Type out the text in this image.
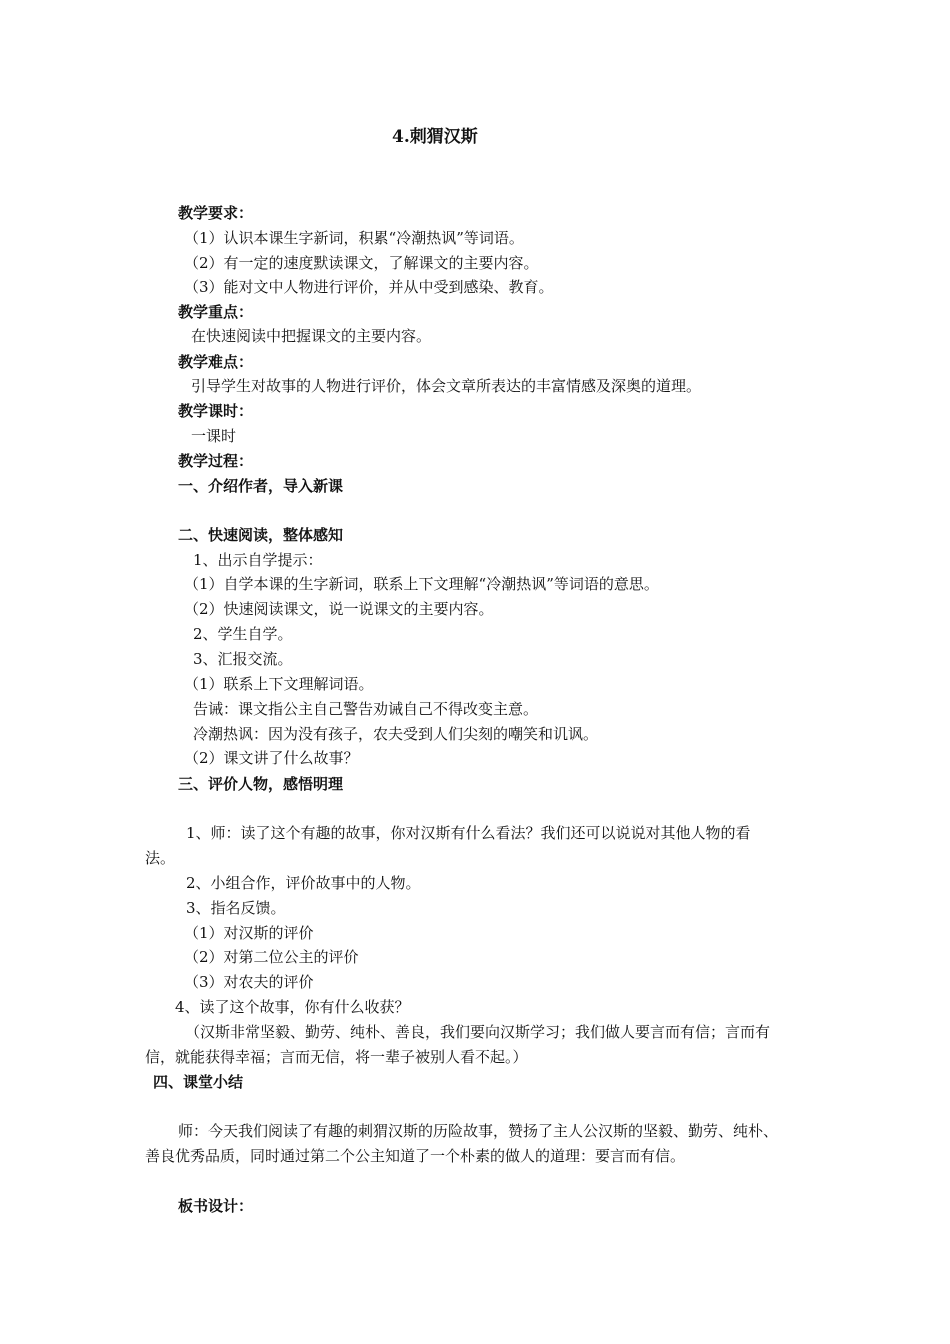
4.刺猬汉斯
教学要求：
（1）认识本课生字新词，积累“冷潮热讽”等词语。
（2）有一定的速度默读课文，了解课文的主要内容。
（3）能对文中人物进行评价，并从中受到感染、教育。
教学重点：
在快速阅读中把握课文的主要内容。
教学难点：
引导学生对故事的人物进行评价，体会文章所表达的丰富情感及深奥的道理。
教学课时：
一课时
教学过程：
一、介绍作者，导入新课
二、快速阅读，整体感知
1、出示自学提示：
（1）自学本课的生字新词，联系上下文理解“冷潮热讽”等词语的意思。
（2）快速阅读课文，说一说课文的主要内容。
2、学生自学。
3、汇报交流。
（1）联系上下文理解词语。
告诫：课文指公主自己警告劝诫自己不得改变主意。
冷潮热讽：因为没有孩子，农夫受到人们尖刻的嘲笑和讥讽。
（2）课文讲了什么故事？
三、评价人物，感悟明理
1、师：读了这个有趣的故事，你对汉斯有什么看法？我们还可以说说对其他人物的看
法。
2、小组合作，评价故事中的人物。
3、指名反馈。
（1）对汉斯的评价
（2）对第二位公主的评价
（3）对农夫的评价
4、读了这个故事，你有什么收获？
（汉斯非常坚毅、勤劳、纯朴、善良，我们要向汉斯学习；我们做人要言而有信；言而有
信，就能获得幸福；言而无信，将一辈子被别人看不起。）
四、课堂小结
师：今天我们阅读了有趣的刺猬汉斯的历险故事，赞扬了主人公汉斯的坚毅、勤劳、纯朴、
善良优秀品质，同时通过第二个公主知道了一个朴素的做人的道理：要言而有信。
板书设计：
